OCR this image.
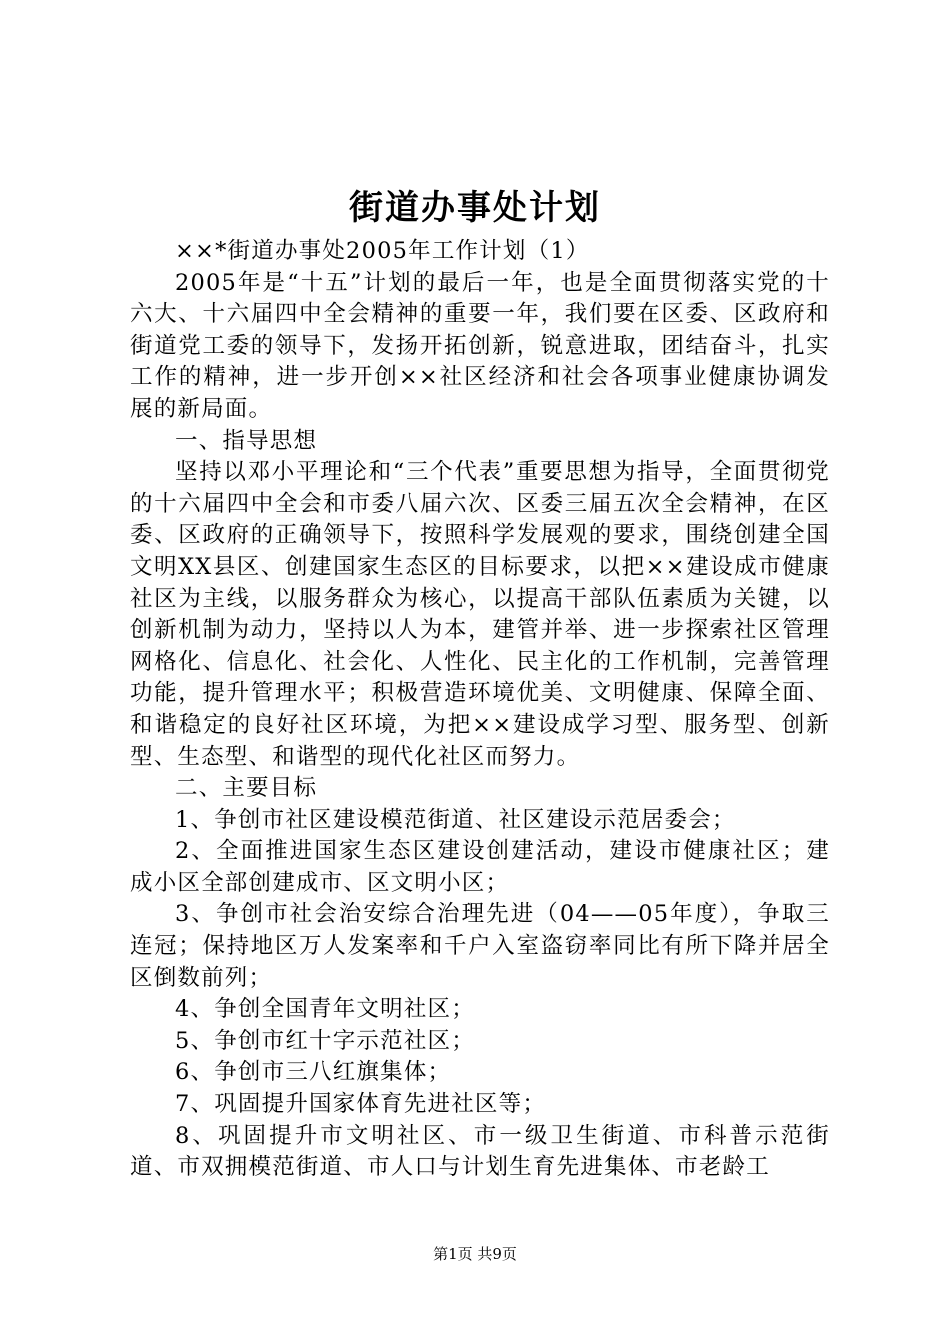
街道办事处计划

××*街道办事处2005年工作计划（1）

2005年是“十五”计划的最后一年，也是全面贯彻落实党的十六大、十六届四中全会精神的重要一年，我们要在区委、区政府和街道党工委的领导下，发扬开拓创新，锐意进取，团结奋斗，扎实工作的精神，进一步开创××社区经济和社会各项事业健康协调发展的新局面。

一、指导思想

坚持以邓小平理论和“三个代表”重要思想为指导，全面贯彻党的十六届四中全会和市委八届六次、区委三届五次全会精神，在区委、区政府的正确领导下，按照科学发展观的要求，围绕创建全国文明XX县区、创建国家生态区的目标要求，以把××建设成市健康社区为主线，以服务群众为核心，以提高干部队伍素质为关键，以创新机制为动力，坚持以人为本，建管并举、进一步探索社区管理网格化、信息化、社会化、人性化、民主化的工作机制，完善管理功能，提升管理水平；积极营造环境优美、文明健康、保障全面、和谐稳定的良好社区环境，为把××建设成学习型、服务型、创新型、生态型、和谐型的现代化社区而努力。

二、主要目标

1、争创市社区建设模范街道、社区建设示范居委会；

2、全面推进国家生态区建设创建活动，建设市健康社区；建成小区全部创建成市、区文明小区；

3、争创市社会治安综合治理先进（04——05年度），争取三连冠；保持地区万人发案率和千户入室盗窃率同比有所下降并居全区倒数前列；

4、争创全国青年文明社区；

5、争创市红十字示范社区；

6、争创市三八红旗集体；

7、巩固提升国家体育先进社区等；

8、巩固提升市文明社区、市一级卫生街道、市科普示范街道、市双拥模范街道、市人口与计划生育先进集体、市老龄工

第1页 共9页
